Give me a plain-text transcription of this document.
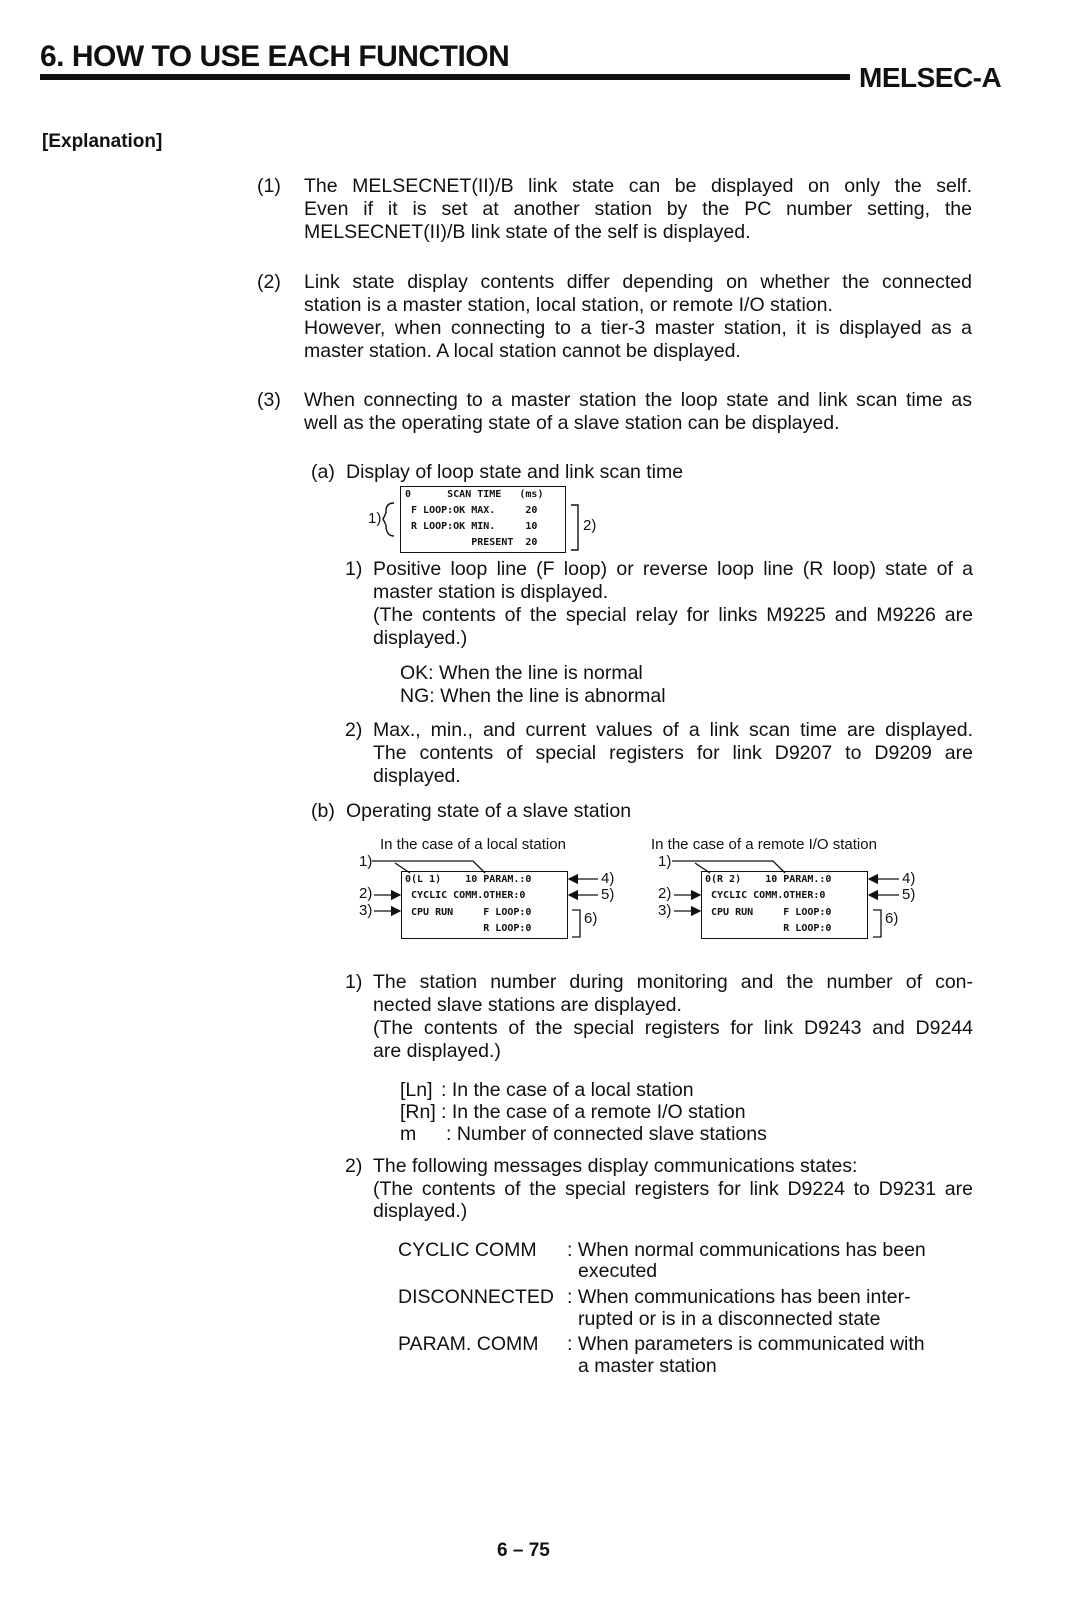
6. HOW TO USE EACH FUNCTION
MELSEC-A
[Explanation]
(1) The MELSECNET(II)/B link state can be displayed on only the self.
Even if it is set at another station by the PC number setting, the
MELSECNET(II)/B link state of the self is displayed.
(2) Link state display contents differ depending on whether the connected
station is a master station, local station, or remote I/O station.
However, when connecting to a tier-3 master station, it is displayed as a
master station. A local station cannot be displayed.
(3) When connecting to a master station the loop state and link scan time as
well as the operating state of a slave station can be displayed.
(a) Display of loop state and link scan time
0      SCAN TIME   (ms)
F LOOP:OK MAX.     20
R LOOP:OK MIN.     10
PRESENT  20
1)	2)
1) Positive loop line (F loop) or reverse loop line (R loop) state of a
master station is displayed.
(The contents of the special relay for links M9225 and M9226 are
displayed.)
OK: When the line is normal
NG: When the line is abnormal
2) Max., min., and current values of a link scan time are displayed.
The contents of special registers for link D9207 to D9209 are
displayed.
(b) Operating state of a slave station
In the case of a local station	In the case of a remote I/O station
0(L 1)    10 PARAM.:0
CYCLIC COMM.OTHER:0
CPU RUN     F LOOP:0
R LOOP:0
0(R 2)    10 PARAM.:0
CYCLIC COMM.OTHER:0
CPU RUN     F LOOP:0
R LOOP:0
1)
2)
3)
4)
5)
6)
1)
2)
3)
4)
5)
6)
1) The station number during monitoring and the number of con-
nected slave stations are displayed.
(The contents of the special registers for link D9243 and D9244
are displayed.)
[Ln] : In the case of a local station
[Rn] : In the case of a remote I/O station
m : Number of connected slave stations
2) The following messages display communications states:
(The contents of the special registers for link D9224 to D9231 are
displayed.)
CYCLIC COMM : When normal communications has been
executed
DISCONNECTED : When communications has been inter-
rupted or is in a disconnected state
PARAM. COMM : When parameters is communicated with
a master station
6 – 75
